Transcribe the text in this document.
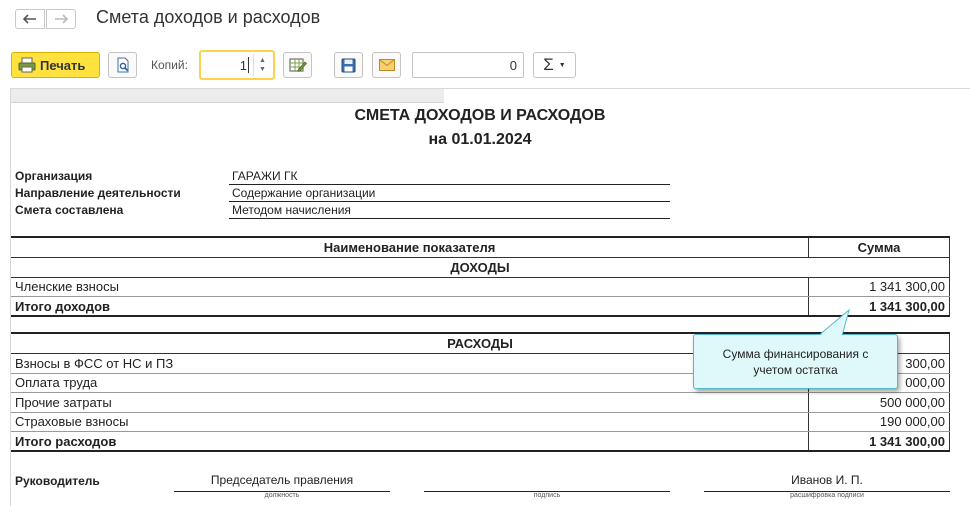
Смета доходов и расходов
Печать	Копий:	1 ▲
▼	0	Σ ▼
СМЕТА ДОХОДОВ И РАСХОДОВ
на 01.01.2024
Организация	ГАРАЖИ ГК
Направление деятельности	Содержание организации
Смета составлена	Методом начисления
Наименование показателя	Сумма
ДОХОДЫ	
Членские взносы	1 341 300,00
Итого доходов	1 341 300,00
РАСХОДЫ	
Взносы в ФСС от НС и ПЗ	300,00
Оплата труда	000,00
Прочие затраты	500 000,00
Страховые взносы	190 000,00
Итого расходов	1 341 300,00
Руководитель	Председатель правления
должность	подпись
Иванов И. П.
расшифровка подписи
Сумма финансирования с учетом остатка
